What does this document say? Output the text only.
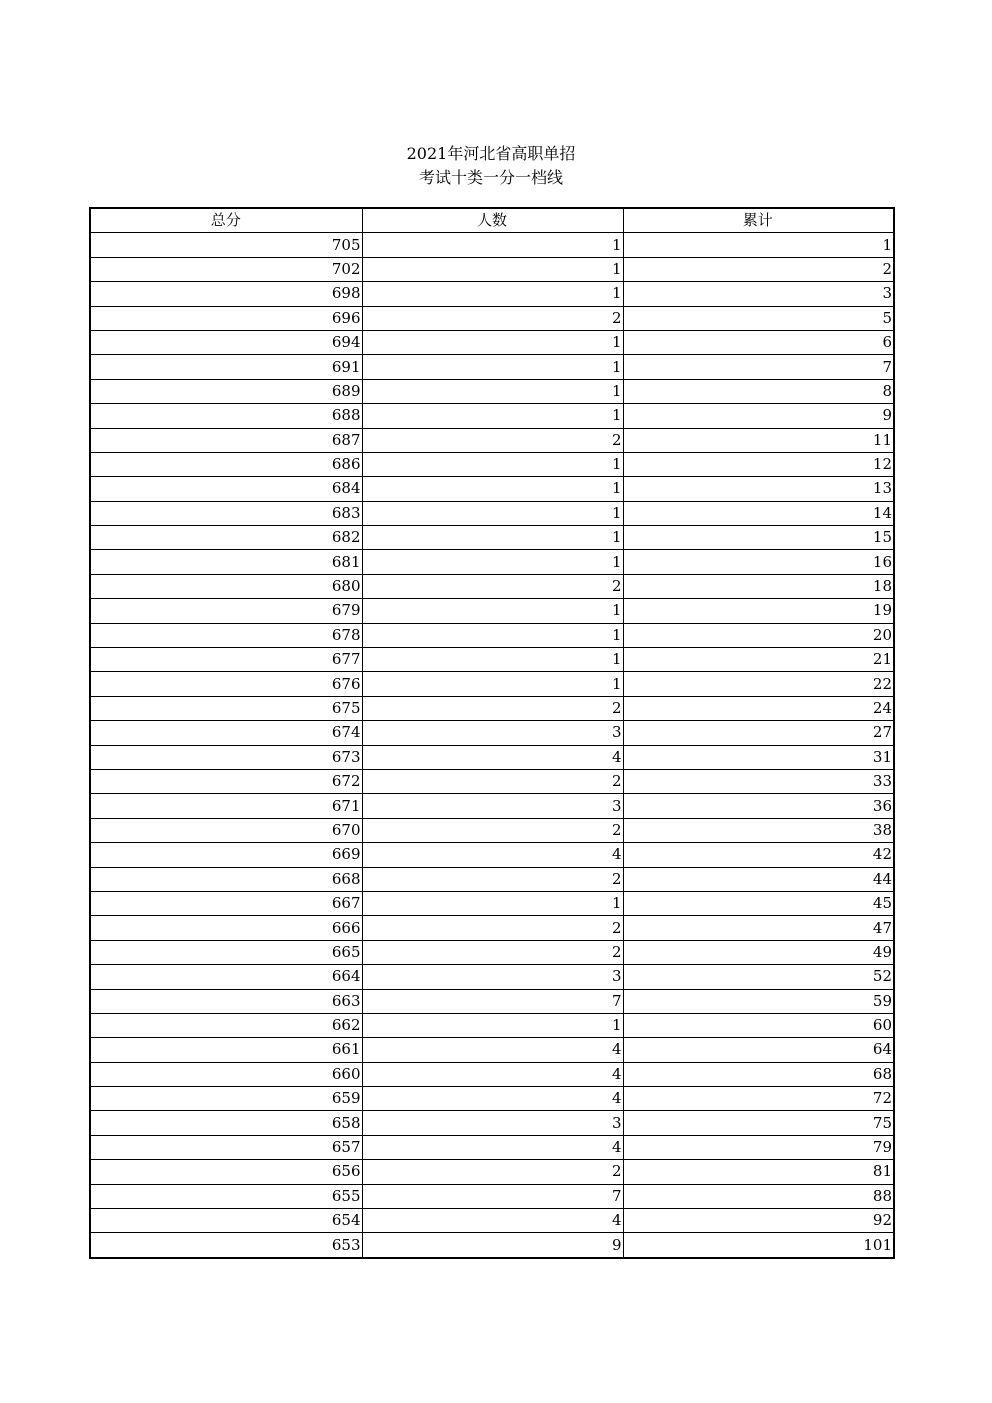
2021年河北省高职单招
考试十类一分一档线
总分	人数	累计
705	1	1
702	1	2
698	1	3
696	2	5
694	1	6
691	1	7
689	1	8
688	1	9
687	2	11
686	1	12
684	1	13
683	1	14
682	1	15
681	1	16
680	2	18
679	1	19
678	1	20
677	1	21
676	1	22
675	2	24
674	3	27
673	4	31
672	2	33
671	3	36
670	2	38
669	4	42
668	2	44
667	1	45
666	2	47
665	2	49
664	3	52
663	7	59
662	1	60
661	4	64
660	4	68
659	4	72
658	3	75
657	4	79
656	2	81
655	7	88
654	4	92
653	9	101
